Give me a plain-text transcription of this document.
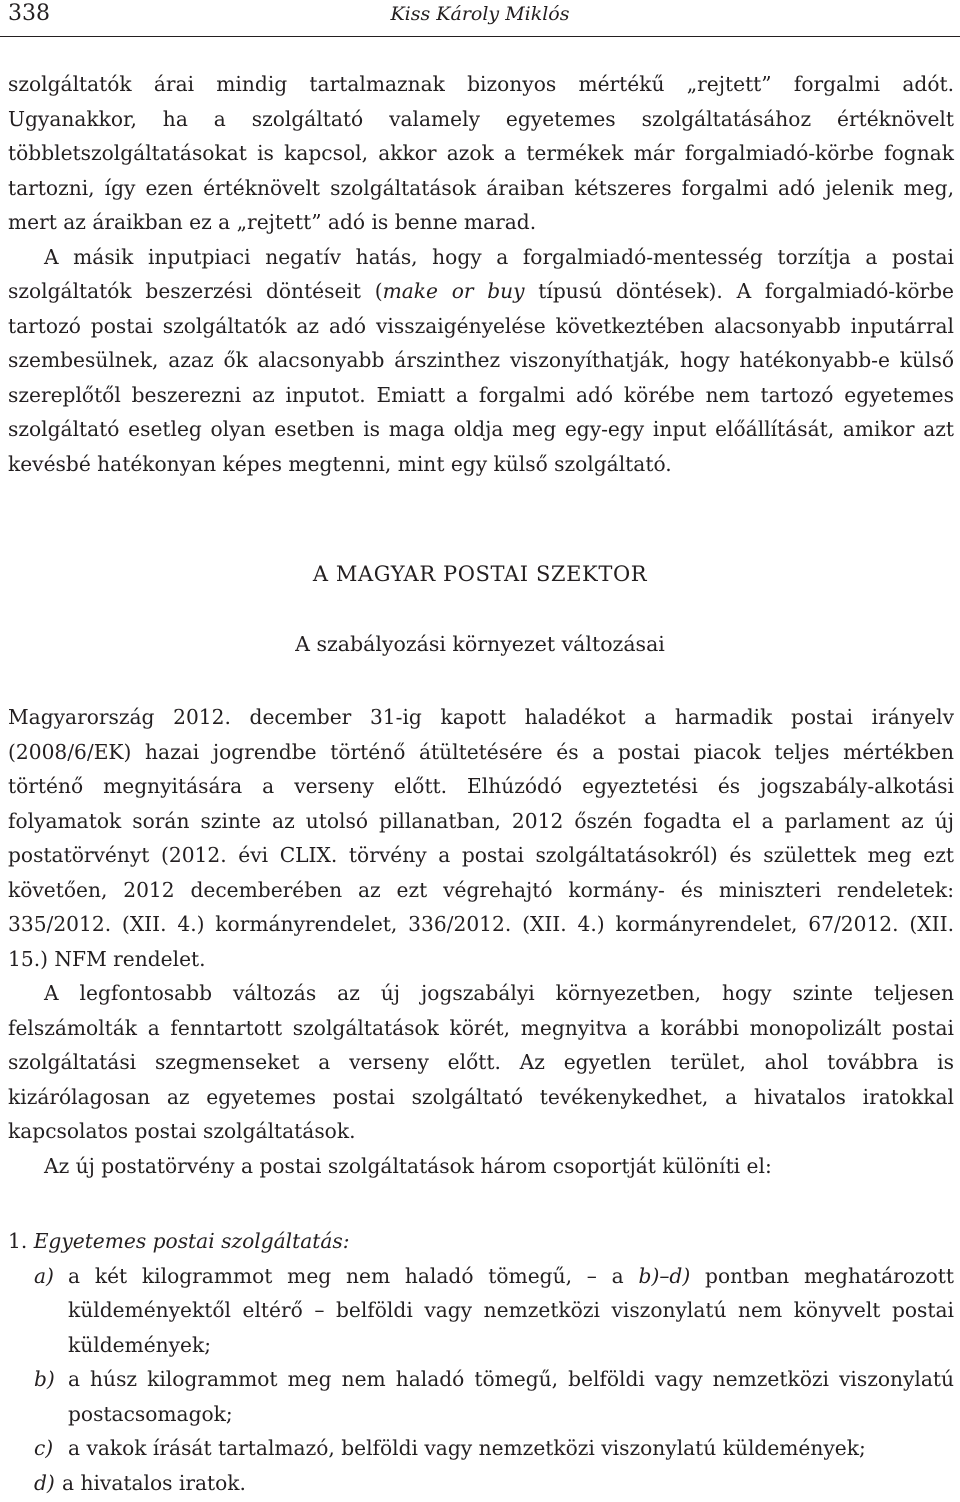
338	Kiss Károly Miklós

szolgáltatók árai mindig tartalmaznak bizonyos mértékű „rejtett” forgalmi adót. Ugyanakkor, ha a szolgáltató valamely egyetemes szolgáltatásához értéknövelt többletszolgáltatásokat is kapcsol, akkor azok a termékek már forgalmiadó-körbe fognak tartozni, így ezen értéknövelt szolgáltatások áraiban kétszeres forgalmi adó jelenik meg, mert az áraikban ez a „rejtett” adó is benne marad.

A másik inputpiaci negatív hatás, hogy a forgalmiadó-mentesség torzítja a postai szolgáltatók beszerzési döntéseit (make or buy típusú döntések). A forgalmiadó-körbe tartozó postai szolgáltatók az adó visszaigényelése következtében alacsonyabb inputárral szembesülnek, azaz ők alacsonyabb árszinthez viszonyíthatják, hogy hatékonyabb-e külső szereplőtől beszerezni az inputot. Emiatt a forgalmi adó körébe nem tartozó egyetemes szolgáltató esetleg olyan esetben is maga oldja meg egy-egy input előállítását, amikor azt kevésbé hatékonyan képes megtenni, mint egy külső szolgáltató.

A MAGYAR POSTAI SZEKTOR
A szabályozási környezet változásai

Magyarország 2012. december 31-ig kapott haladékot a harmadik postai irányelv (2008/6/EK) hazai jogrendbe történő átültetésére és a postai piacok teljes mértékben történő megnyitására a verseny előtt. Elhúzódó egyeztetési és jogszabály-alkotási folyamatok során szinte az utolsó pillanatban, 2012 őszén fogadta el a parlament az új postatörvényt (2012. évi CLIX. törvény a postai szolgáltatásokról) és születtek meg ezt követően, 2012 decemberében az ezt végrehajtó kormány- és miniszteri rendeletek: 335/2012. (XII. 4.) kormányrendelet, 336/2012. (XII. 4.) kormányrendelet, 67/2012. (XII. 15.) NFM rendelet.

A legfontosabb változás az új jogszabályi környezetben, hogy szinte teljesen felszámolták a fenntartott szolgáltatások körét, megnyitva a korábbi monopolizált postai szolgáltatási szegmenseket a verseny előtt. Az egyetlen terület, ahol továbbra is kizárólagosan az egyetemes postai szolgáltató tevékenykedhet, a hivatalos iratokkal kapcsolatos postai szolgáltatások.

Az új postatörvény a postai szolgáltatások három csoportját különíti el:

1. Egyetemes postai szolgáltatás:

a) a két kilogrammot meg nem haladó tömegű, – a b)–d) pontban meghatározott küldeményektől eltérő – belföldi vagy nemzetközi viszonylatú nem könyvelt postai küldemények;
b) a húsz kilogrammot meg nem haladó tömegű, belföldi vagy nemzetközi viszonylatú postacsomagok;
c) a vakok írását tartalmazó, belföldi vagy nemzetközi viszonylatú küldemények;
d) a hivatalos iratok.
